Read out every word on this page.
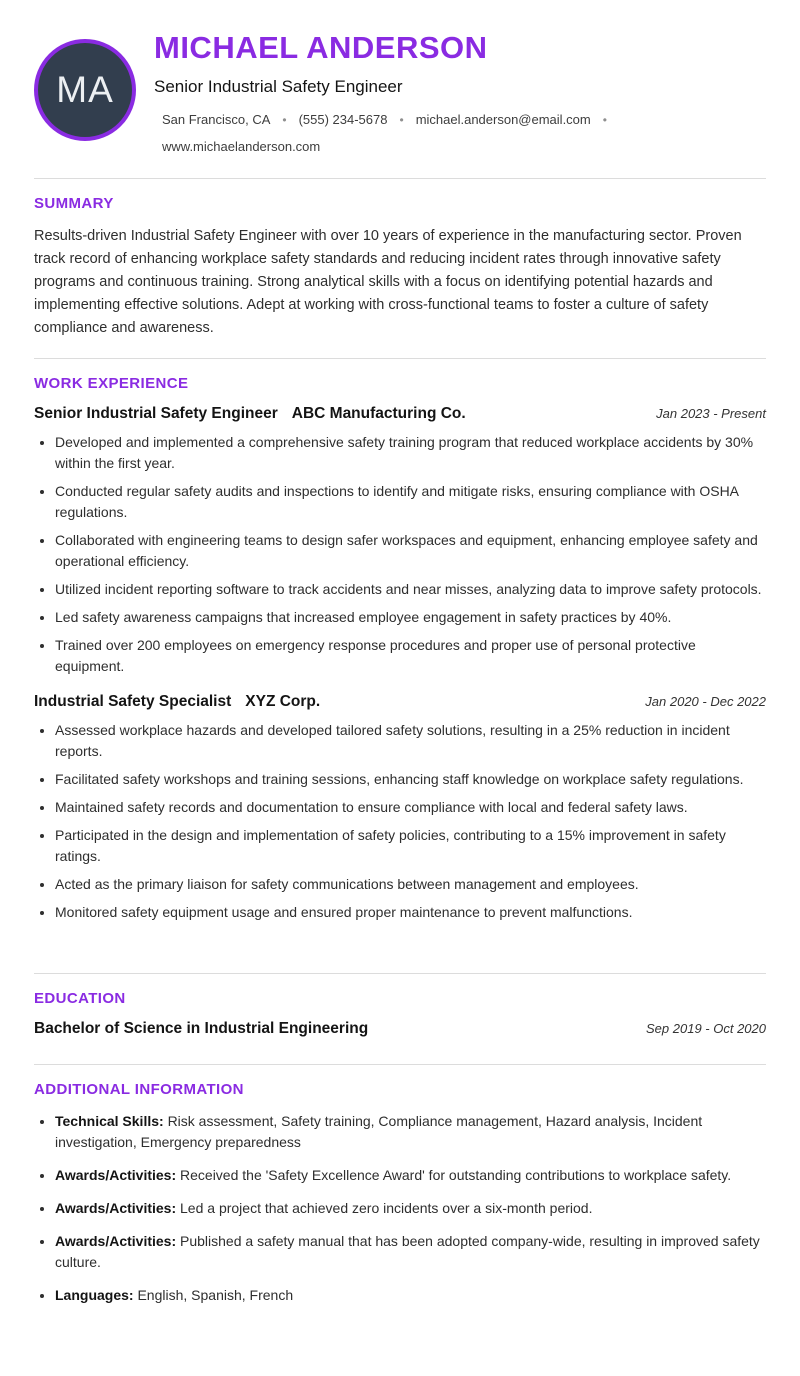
MA
MICHAEL ANDERSON
Senior Industrial Safety Engineer
San Francisco, CA • (555) 234-5678 • michael.anderson@email.com
•
www.michaelanderson.com
SUMMARY

Results-driven Industrial Safety Engineer with over 10 years of experience in the manufacturing sector. Proven track record of enhancing workplace safety standards and reducing incident rates through innovative safety programs and continuous training. Strong analytical skills with a focus on identifying potential hazards and implementing effective solutions. Adept at working with cross-functional teams to foster a culture of safety compliance and awareness.

WORK EXPERIENCE
Senior Industrial Safety Engineer ABC Manufacturing Co.	Jan 2023 - Present
• Developed and implemented a comprehensive safety training program that reduced workplace accidents by 30% within the first year.
• Conducted regular safety audits and inspections to identify and mitigate risks, ensuring compliance with OSHA regulations.
• Collaborated with engineering teams to design safer workspaces and equipment, enhancing employee safety and operational efficiency.
• Utilized incident reporting software to track accidents and near misses, analyzing data to improve safety protocols.
• Led safety awareness campaigns that increased employee engagement in safety practices by 40%.
• Trained over 200 employees on emergency response procedures and proper use of personal protective equipment.
Industrial Safety Specialist XYZ Corp.	Jan 2020 - Dec 2022
• Assessed workplace hazards and developed tailored safety solutions, resulting in a 25% reduction in incident reports.
• Facilitated safety workshops and training sessions, enhancing staff knowledge on workplace safety regulations.
• Maintained safety records and documentation to ensure compliance with local and federal safety laws.
• Participated in the design and implementation of safety policies, contributing to a 15% improvement in safety ratings.
• Acted as the primary liaison for safety communications between management and employees.
• Monitored safety equipment usage and ensured proper maintenance to prevent malfunctions.
EDUCATION
Bachelor of Science in Industrial Engineering	Sep 2019 - Oct 2020
ADDITIONAL INFORMATION
• Technical Skills: Risk assessment, Safety training, Compliance management, Hazard analysis, Incident investigation, Emergency preparedness
• Awards/Activities: Received the 'Safety Excellence Award' for outstanding contributions to workplace safety.
• Awards/Activities: Led a project that achieved zero incidents over a six-month period.
• Awards/Activities: Published a safety manual that has been adopted company-wide, resulting in improved safety culture.
• Languages: English, Spanish, French
